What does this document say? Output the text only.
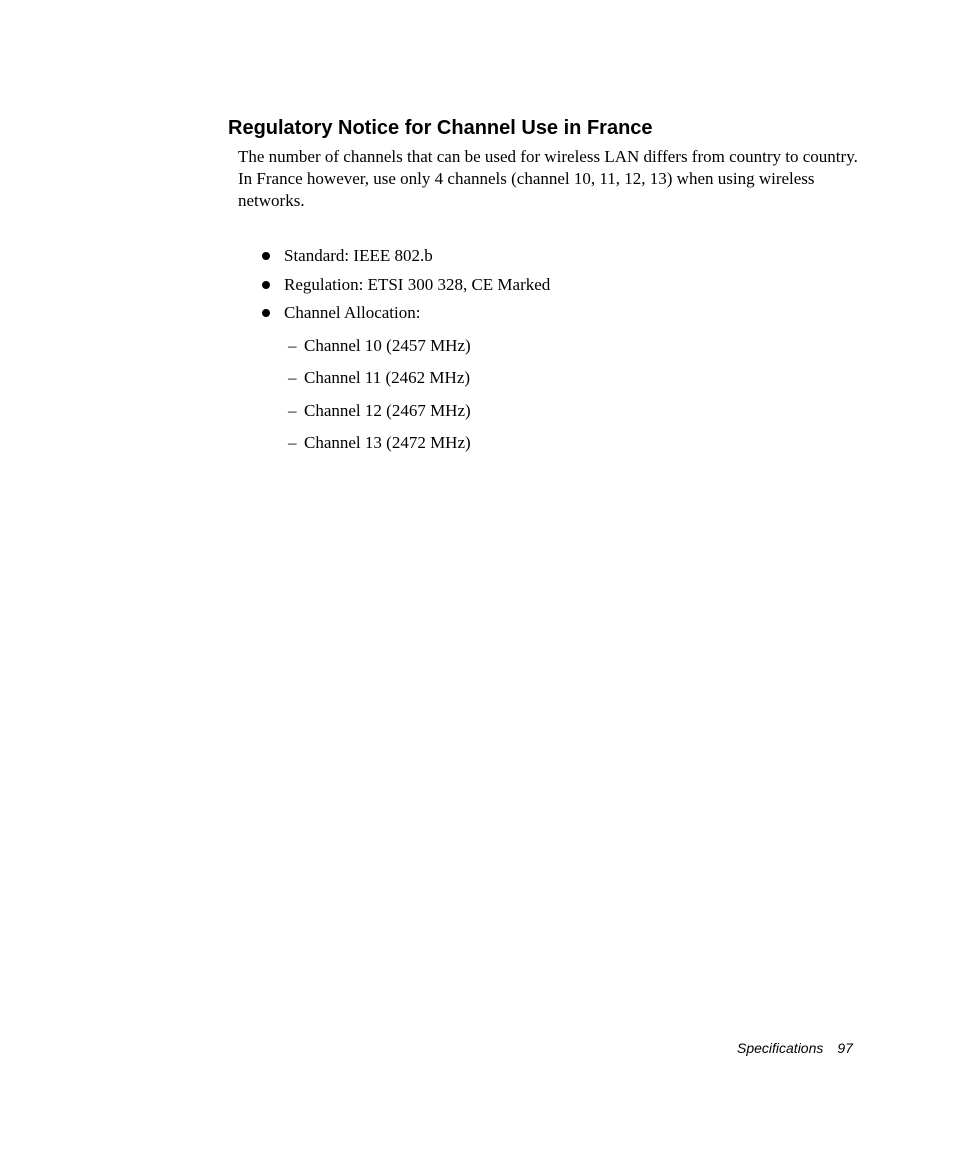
Regulatory Notice for Channel Use in France

The number of channels that can be used for wireless LAN differs from country to country. In France however, use only 4 channels (channel 10, 11, 12, 13) when using wireless networks.

Standard: IEEE 802.b
Regulation: ETSI 300 328, CE Marked
Channel Allocation:
– Channel 10 (2457 MHz)
– Channel 11 (2462 MHz)
– Channel 12 (2467 MHz)
– Channel 13 (2472 MHz)

Specifications 97
